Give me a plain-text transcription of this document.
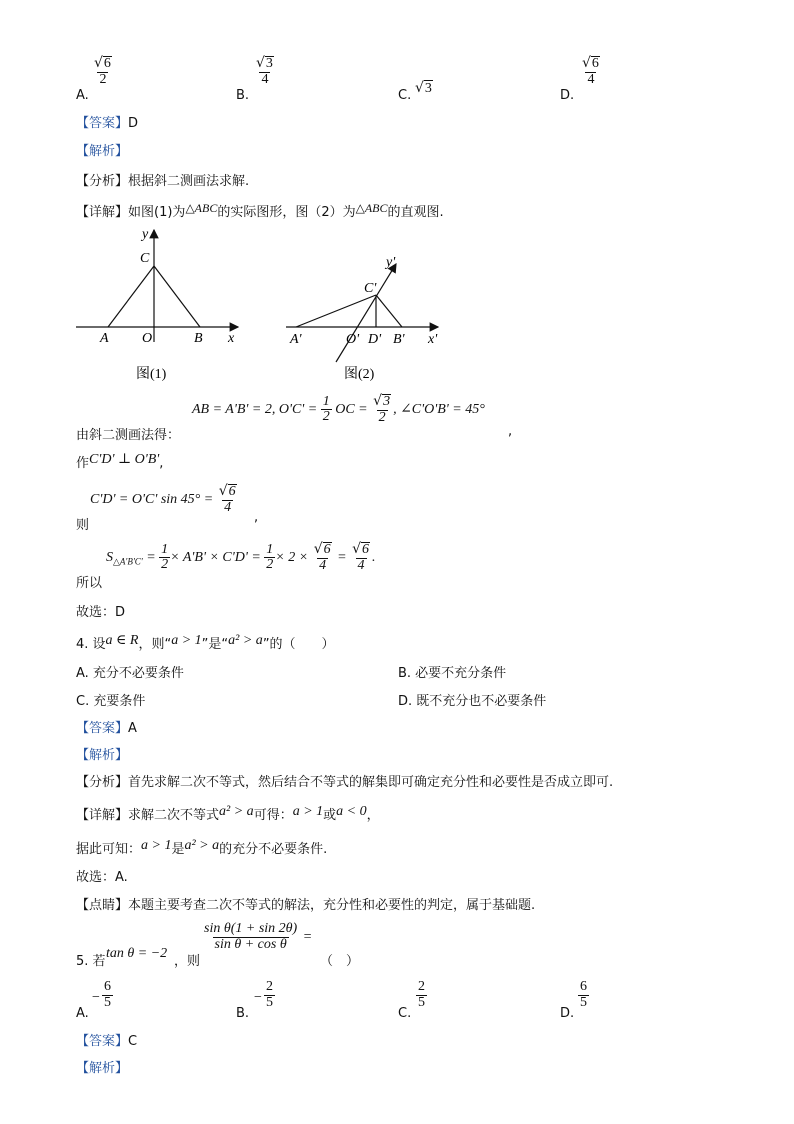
A.
$\frac{√6}{2}$
B.
$\frac{√3}{4}$
C. √3	D.
$\frac{√6}{4}$
【答案】D
【解析】
【分析】根据斜二测画法求解.
【详解】如图(1)为△ABC的实际图形，图（2）为△ABC的直观图.
y
C
A O	B x
图(1)
y'
C'
A'	O' D' B' x'
图(2)
由斜二测画法得：
AB = A'B' = 2, $O'C' = \frac{1}{2}$ OC = $\frac{√3}{2}$ , ∠C'O'B' = 45°
,
作C'D' ⊥ O'B',
则
C'D' = O'C' $\sin 45^\circ = \frac{√6}{4}$
,
所以
$S_{\triangle A'B'C'} = \frac{1}{2} \times A'B' \times C'D' = \frac{1}{2} \times 2 \times \frac{√6}{4} = \frac{√6}{4}$ .
故选：D
4. 设a ∈ R，则“a > 1”是“a² > a”的（　　）
A. 充分不必要条件	B. 必要不充分条件
C. 充要条件	D. 既不充分也不必要条件
【答案】A
【解析】
【分析】首先求解二次不等式，然后结合不等式的解集即可确定充分性和必要性是否成立即可.
【详解】求解二次不等式a² > a可得：a > 1或a < 0，
据此可知：a > 1是a² > a的充分不必要条件.
故选：A.
【点睛】本题主要考查二次不等式的解法，充分性和必要性的判定，属于基础题.
5. 若
tan θ = −2
，则
$\frac{\text{sin θ(1 + sin 2θ)}}{\text{sin θ + cos θ}}$ =
（　）
A.
− $\frac{6}{5}$
B.
− $\frac{2}{5}$
C.
$\frac{2}{5}$
D.
$\frac{6}{5}$
【答案】C
【解析】
